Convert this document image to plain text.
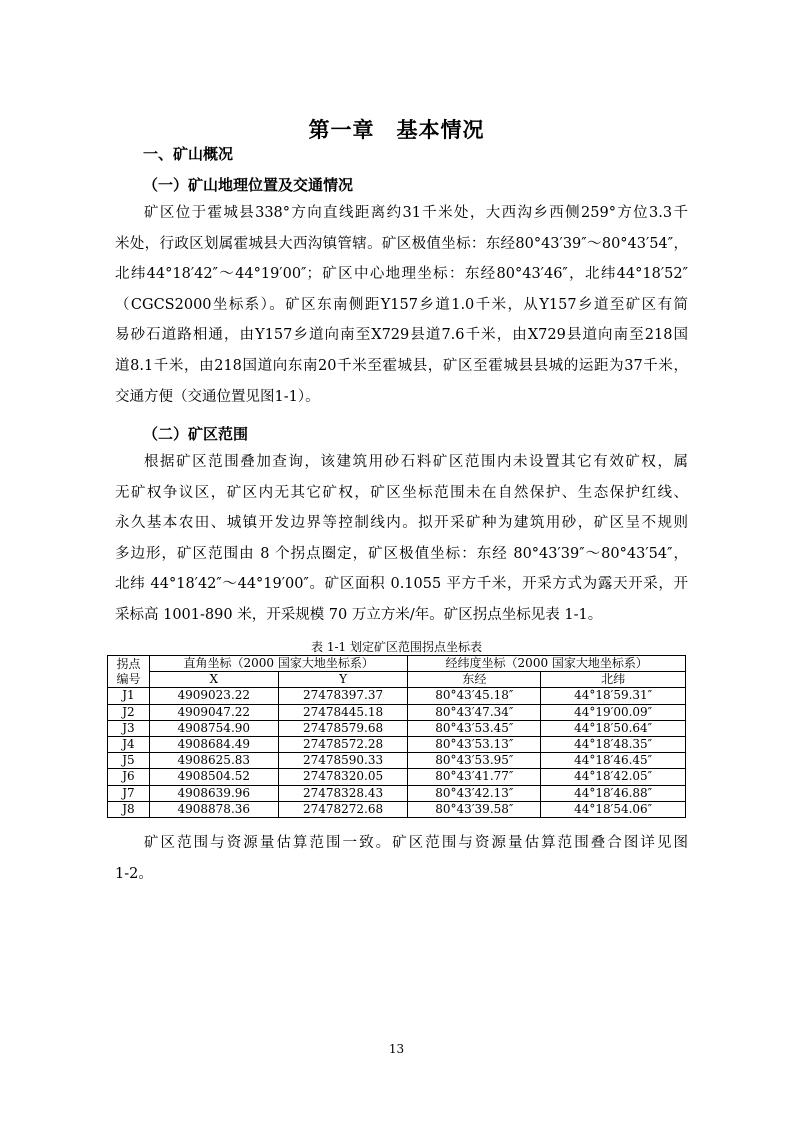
第一章 基本情况
一、矿山概况
（一）矿山地理位置及交通情况
矿区位于霍城县338°方向直线距离约31千米处，大西沟乡西侧259°方位3.3千
米处，行政区划属霍城县大西沟镇管辖。矿区极值坐标：东经80°43′39″～80°43′54″，
北纬44°18′42″～44°19′00″；矿区中心地理坐标：东经80°43′46″，北纬44°18′52″
（CGCS2000坐标系）。矿区东南侧距Y157乡道1.0千米，从Y157乡道至矿区有简
易砂石道路相通，由Y157乡道向南至X729县道7.6千米，由X729县道向南至218国
道8.1千米，由218国道向东南20千米至霍城县，矿区至霍城县县城的运距为37千米，
交通方便（交通位置见图1-1）。
（二）矿区范围
根据矿区范围叠加查询，该建筑用砂石料矿区范围内未设置其它有效矿权，属
无矿权争议区，矿区内无其它矿权，矿区坐标范围未在自然保护、生态保护红线、
永久基本农田、城镇开发边界等控制线内。拟开采矿种为建筑用砂，矿区呈不规则
多边形，矿区范围由 8 个拐点圈定，矿区极值坐标：东经 80°43′39″～80°43′54″，
北纬 44°18′42″～44°19′00″。矿区面积 0.1055 平方千米，开采方式为露天开采，开
采标高 1001-890 米，开采规模 70 万立方米/年。矿区拐点坐标见表 1-1。
表 1-1 划定矿区范围拐点坐标表
拐点
编号	直角坐标（2000 国家大地坐标系）		经纬度坐标（2000 国家大地坐标系）	
	X	Y	东经	北纬
J1	4909023.22	27478397.37	80°43′45.18″	44°18′59.31″
J2	4909047.22	27478445.18	80°43′47.34″	44°19′00.09″
J3	4908754.90	27478579.68	80°43′53.45″	44°18′50.64″
J4	4908684.49	27478572.28	80°43′53.13″	44°18′48.35″
J5	4908625.83	27478590.33	80°43′53.95″	44°18′46.45″
J6	4908504.52	27478320.05	80°43′41.77″	44°18′42.05″
J7	4908639.96	27478328.43	80°43′42.13″	44°18′46.88″
J8	4908878.36	27478272.68	80°43′39.58″	44°18′54.06″
矿区范围与资源量估算范围一致。矿区范围与资源量估算范围叠合图详见图
1-2。
13
